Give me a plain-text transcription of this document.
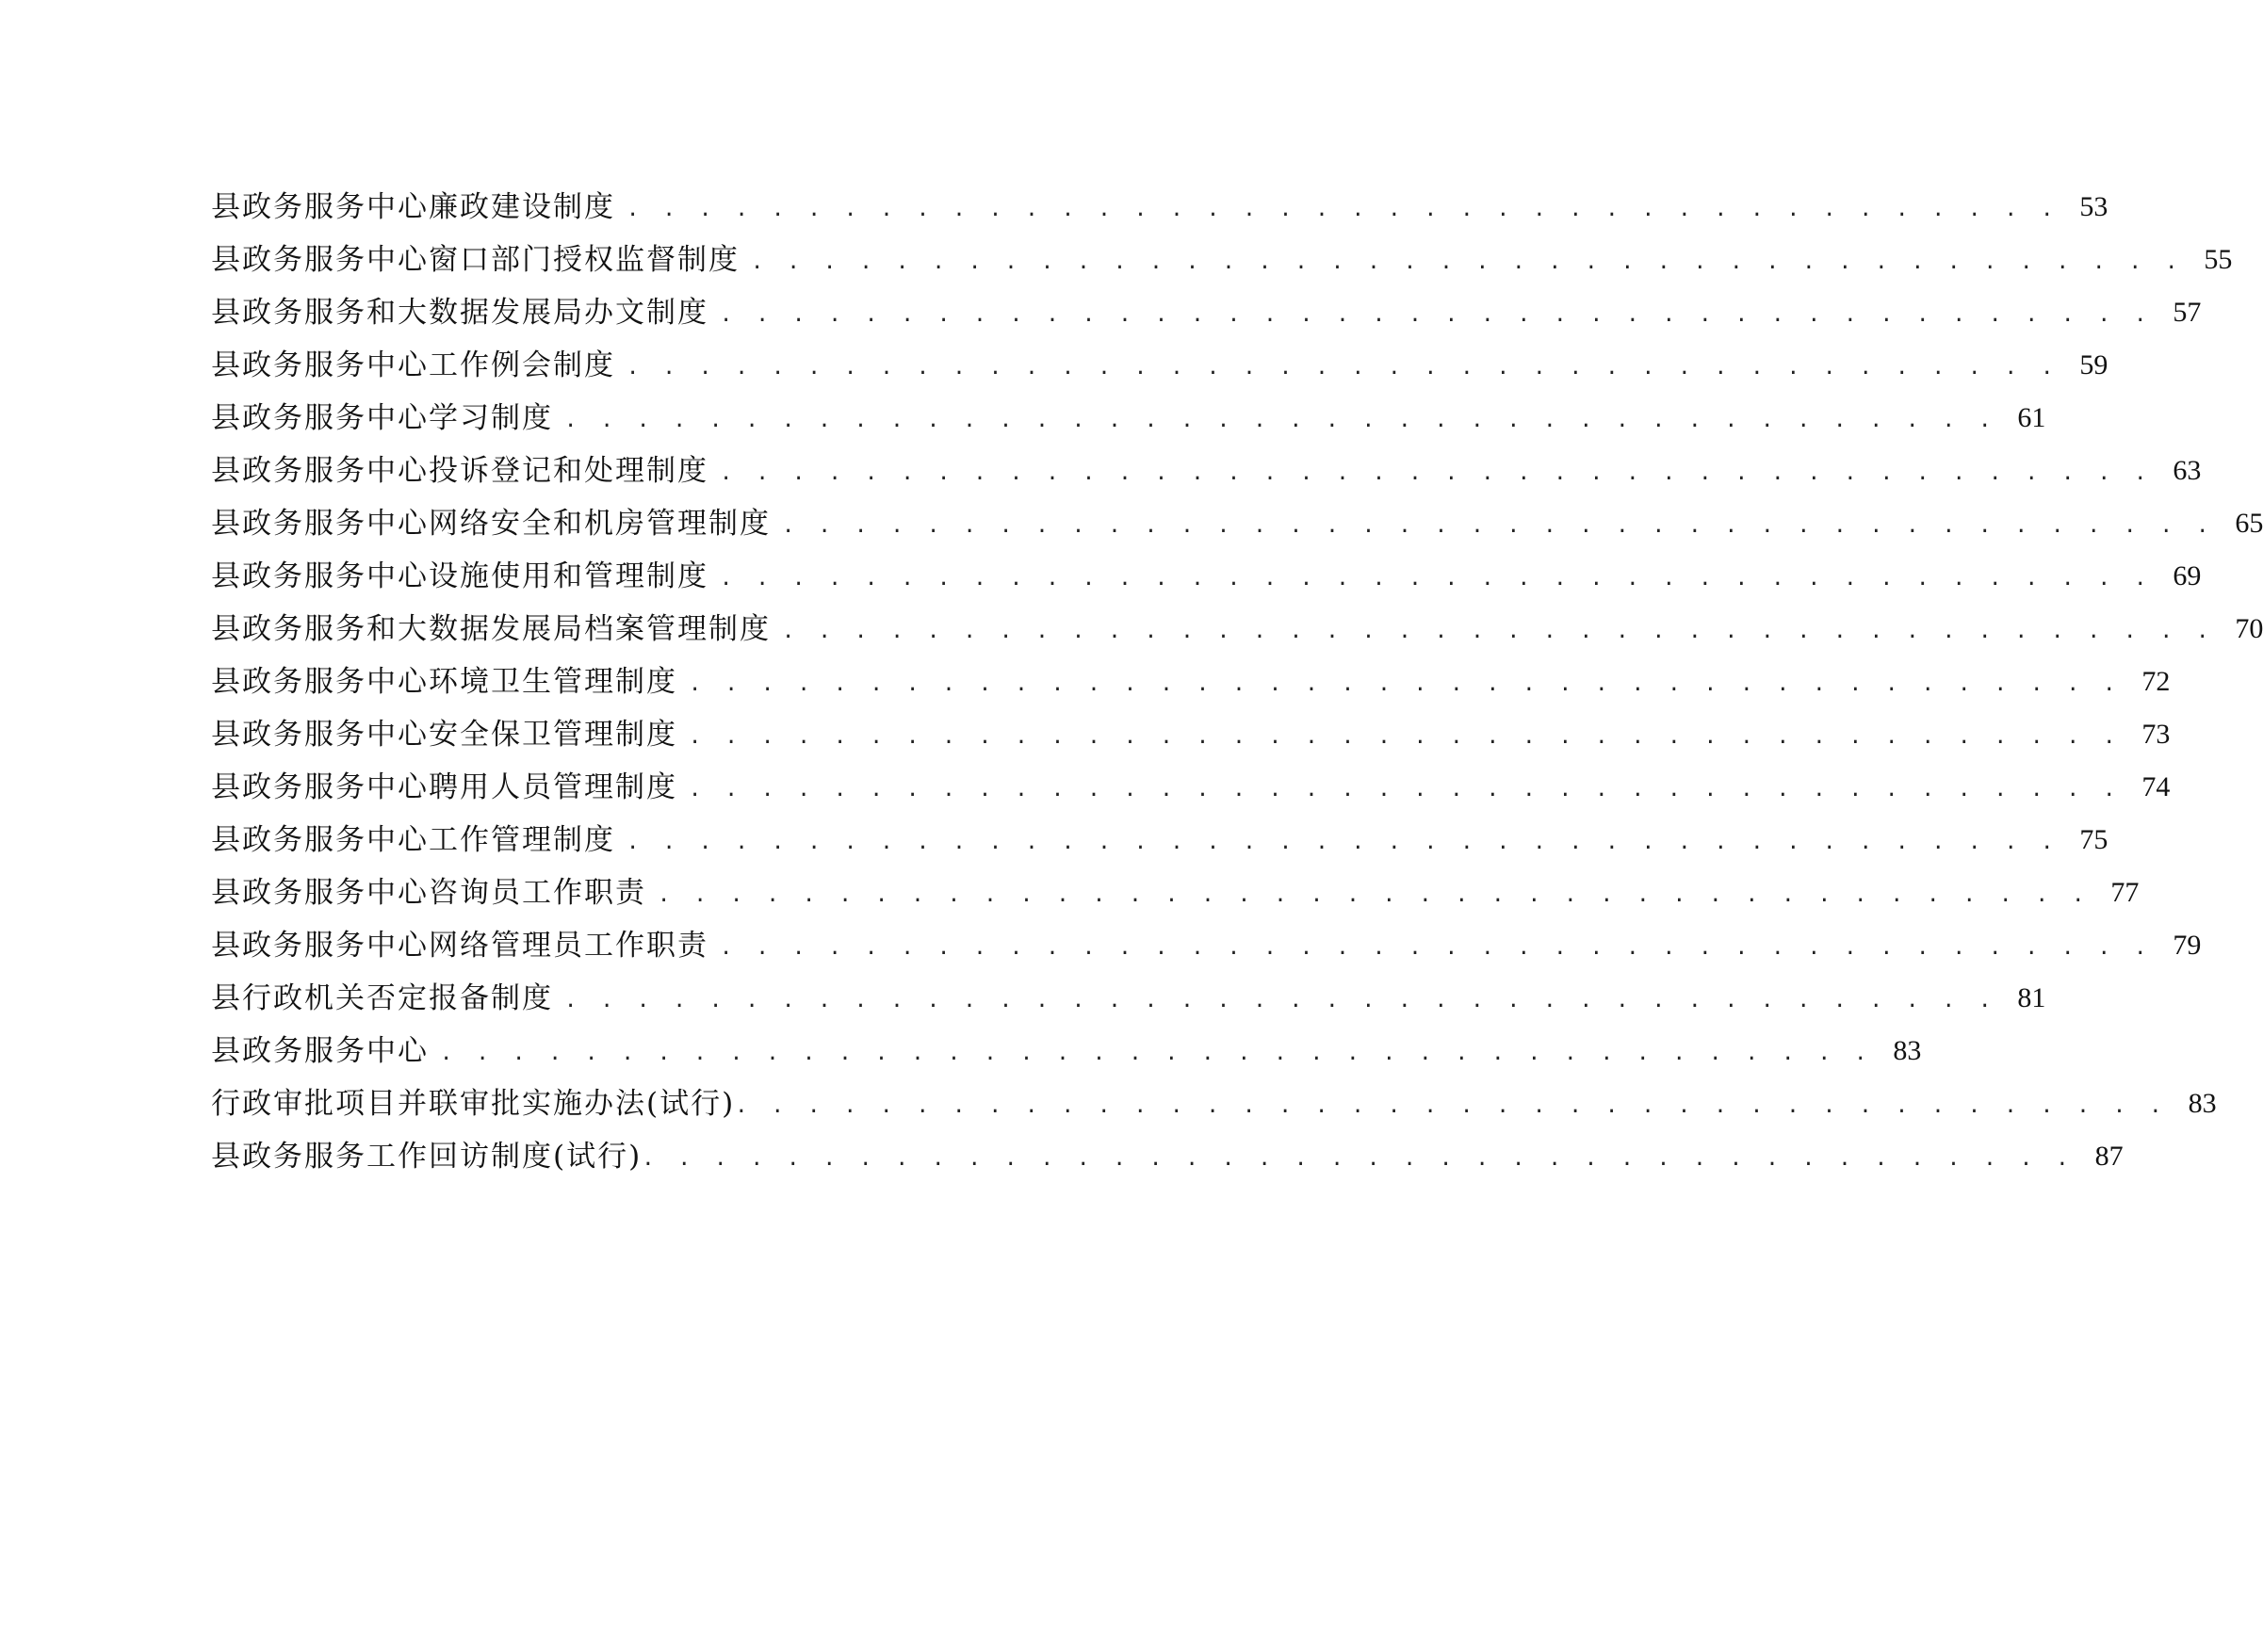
县政务服务中心廉政建设制度 . . . . . . . . . . . . . . . . . . . . . . . . . . . . . . . . . . . . . . . . 53
县政务服务中心窗口部门授权监督制度 . . . . . . . . . . . . . . . . . . . . . . . . . . . . . . . . . . . . . . . . 55
县政务服务和大数据发展局办文制度 . . . . . . . . . . . . . . . . . . . . . . . . . . . . . . . . . . . . . . . . 57
县政务服务中心工作例会制度 . . . . . . . . . . . . . . . . . . . . . . . . . . . . . . . . . . . . . . . . 59
县政务服务中心学习制度 . . . . . . . . . . . . . . . . . . . . . . . . . . . . . . . . . . . . . . . . 61
县政务服务中心投诉登记和处理制度 . . . . . . . . . . . . . . . . . . . . . . . . . . . . . . . . . . . . . . . . 63
县政务服务中心网络安全和机房管理制度 . . . . . . . . . . . . . . . . . . . . . . . . . . . . . . . . . . . . . . . . 65
县政务服务中心设施使用和管理制度 . . . . . . . . . . . . . . . . . . . . . . . . . . . . . . . . . . . . . . . . 69
县政务服务和大数据发展局档案管理制度 . . . . . . . . . . . . . . . . . . . . . . . . . . . . . . . . . . . . . . . . 70
县政务服务中心环境卫生管理制度 . . . . . . . . . . . . . . . . . . . . . . . . . . . . . . . . . . . . . . . . 72
县政务服务中心安全保卫管理制度 . . . . . . . . . . . . . . . . . . . . . . . . . . . . . . . . . . . . . . . . 73
县政务服务中心聘用人员管理制度 . . . . . . . . . . . . . . . . . . . . . . . . . . . . . . . . . . . . . . . . 74
县政务服务中心工作管理制度 . . . . . . . . . . . . . . . . . . . . . . . . . . . . . . . . . . . . . . . . 75
县政务服务中心咨询员工作职责 . . . . . . . . . . . . . . . . . . . . . . . . . . . . . . . . . . . . . . . . 77
县政务服务中心网络管理员工作职责 . . . . . . . . . . . . . . . . . . . . . . . . . . . . . . . . . . . . . . . . 79
县行政机关否定报备制度 . . . . . . . . . . . . . . . . . . . . . . . . . . . . . . . . . . . . . . . . 81
县政务服务中心 . . . . . . . . . . . . . . . . . . . . . . . . . . . . . . . . . . . . . . . . 83
行政审批项目并联审批实施办法(试行) . . . . . . . . . . . . . . . . . . . . . . . . . . . . . . . . . . . . . . . . 83
县政务服务工作回访制度(试行) . . . . . . . . . . . . . . . . . . . . . . . . . . . . . . . . . . . . . . . . 87
